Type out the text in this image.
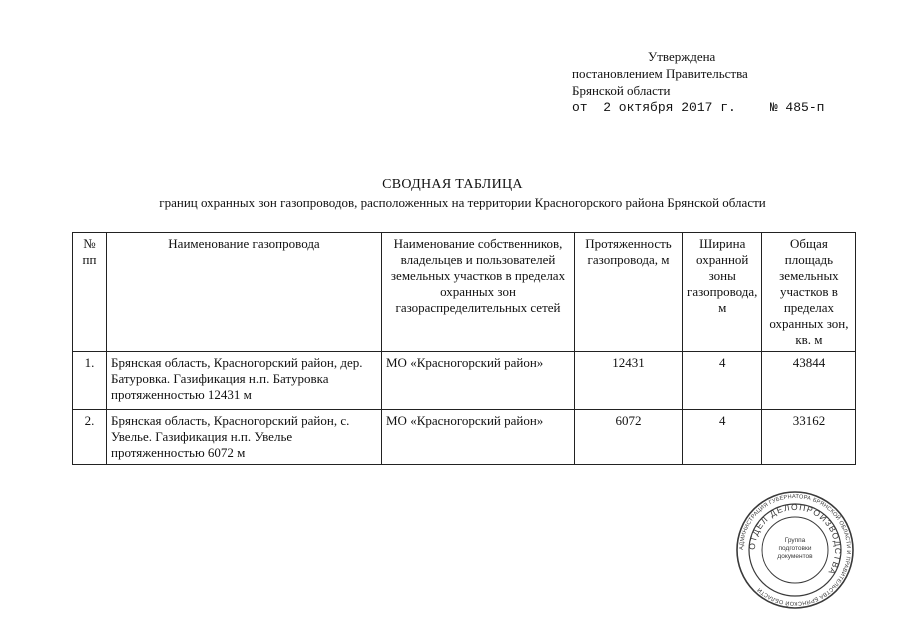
Утверждена
постановлением Правительства
Брянской области
от  2 октября 2017 г.	№ 485-п
СВОДНАЯ ТАБЛИЦА
границ охранных зон газопроводов, расположенных на территории Красногорского района Брянской области
№ пп	Наименование газопровода	Наименование собственников, владельцев и пользователей земельных участков в пределах охранных зон газораспределительных сетей	Протяженность газопровода, м	Ширина охранной зоны газопровода, м	Общая площадь земельных участков в пределах охранных зон, кв. м
1.	Брянская область, Красногорский район, дер. Батуровка. Газификация н.п. Батуровка протяженностью 12431 м	МО «Красногорский район»	12431	4	43844
2.	Брянская область, Красногорский район, с. Увелье. Газификация н.п. Увелье протяженностью 6072 м	МО «Красногорский район»	6072	4	33162
АДМИНИСТРАЦИЯ ГУБЕРНАТОРА БРЯНСКОЙ ОБЛАСТИ И ПРАВИТЕЛЬСТВА БРЯНСКОЙ ОБЛАСТИ
ОТДЕЛ ДЕЛОПРОИЗВОДСТВА
Группа подготовки документов
